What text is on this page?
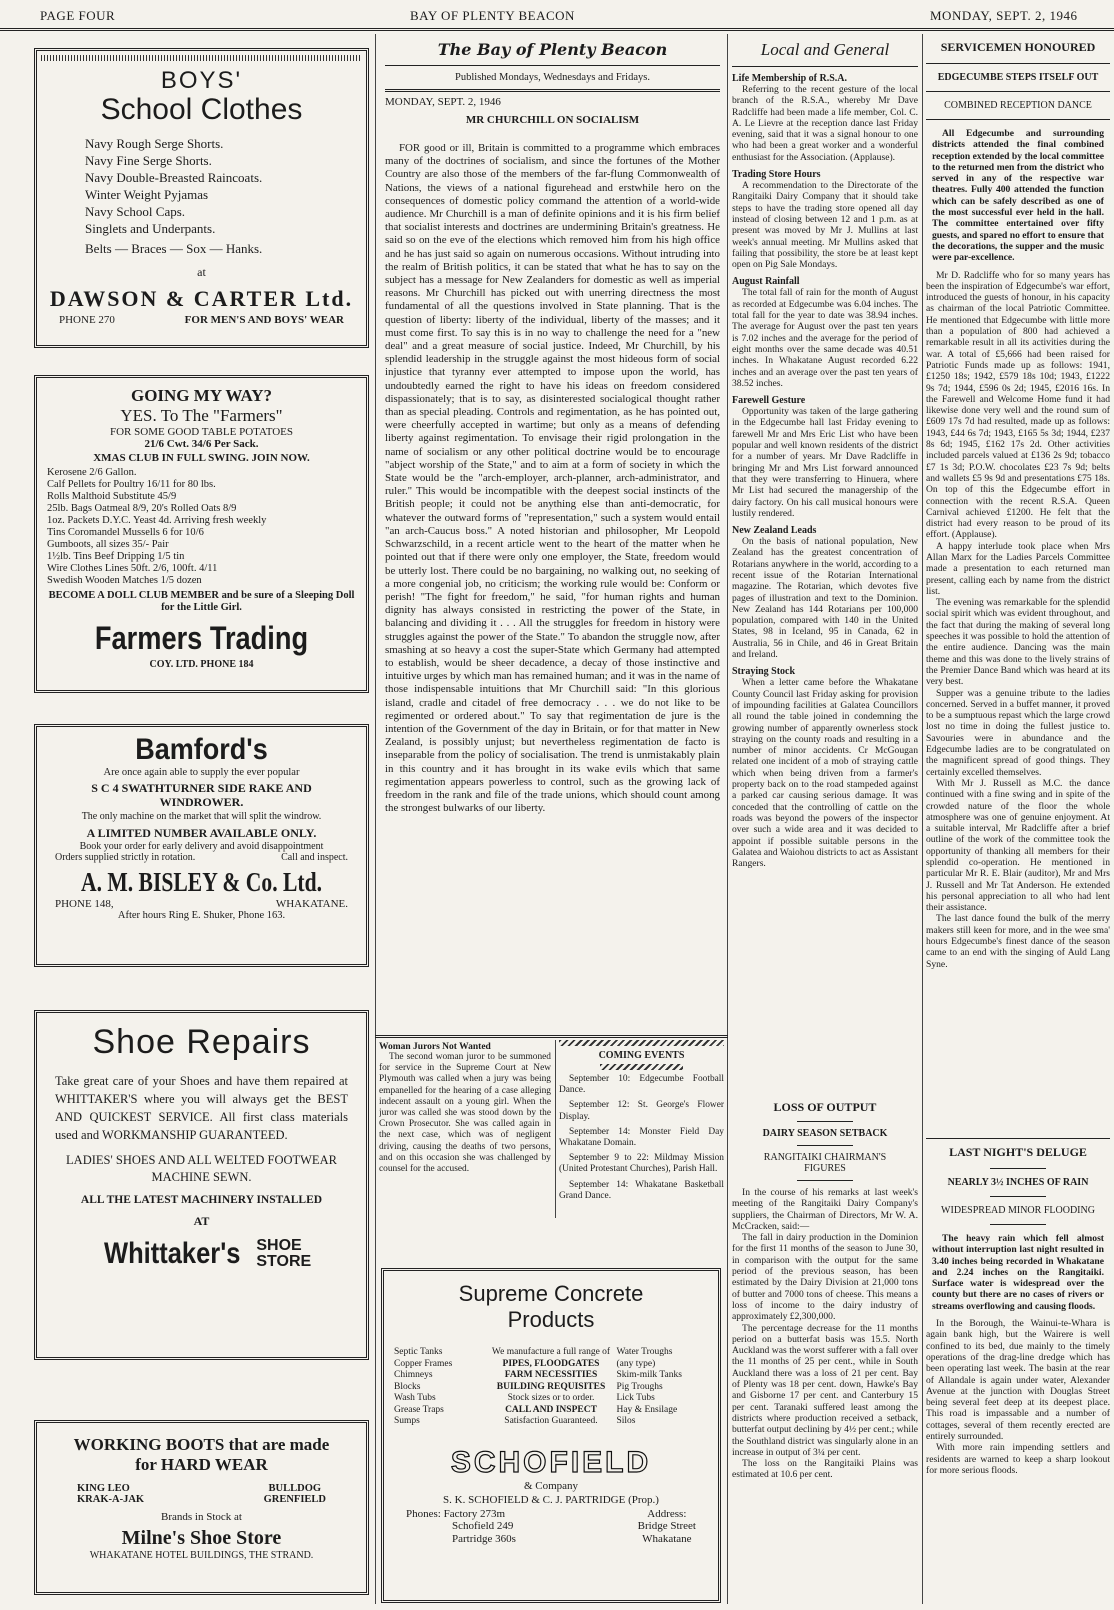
PAGE FOUR	BAY OF PLENTY BEACON	MONDAY, SEPT. 2, 1946
BOYS'
School Clothes
Navy Rough Serge Shorts.
Navy Fine Serge Shorts.
Navy Double-Breasted Raincoats.
Winter Weight Pyjamas
Navy School Caps.
Singlets and Underpants.
Belts — Braces — Sox — Hanks.
at
DAWSON & CARTER Ltd.
PHONE 270	FOR MEN'S AND BOYS' WEAR
GOING MY WAY?
YES. To The "Farmers"
FOR SOME GOOD TABLE POTATOES
21/6 Cwt. 34/6 Per Sack.
XMAS CLUB IN FULL SWING. JOIN NOW.
Kerosene 2/6 Gallon.
Calf Pellets for Poultry 16/11 for 80 lbs.
Rolls Malthoid Substitute 45/9
25lb. Bags Oatmeal 8/9, 20's Rolled Oats 8/9
1oz. Packets D.Y.C. Yeast 4d. Arriving fresh weekly
Tins Coromandel Mussells 6 for 10/6
Gumboots, all sizes 35/- Pair
1½lb. Tins Beef Dripping 1/5 tin
Wire Clothes Lines 50ft. 2/6, 100ft. 4/11
Swedish Wooden Matches 1/5 dozen
BECOME A DOLL CLUB MEMBER and be sure of a Sleeping Doll for the Little Girl.
Farmers Trading
COY. LTD. PHONE 184
Bamford's
Are once again able to supply the ever popular
S C 4 SWATHTURNER SIDE RAKE AND WINDROWER.
The only machine on the market that will split the windrow.
A LIMITED NUMBER AVAILABLE ONLY.
Book your order for early delivery and avoid disappointment
Orders supplied strictly in rotation.	Call and inspect.
A. M. BISLEY & Co. Ltd.
PHONE 148,	WHAKATANE.
After hours Ring E. Shuker, Phone 163.
Shoe Repairs
Take great care of your Shoes and have them repaired at WHITTAKER'S where you will always get the BEST AND QUICKEST SERVICE. All first class materials used and WORKMANSHIP GUARANTEED.
LADIES' SHOES AND ALL WELTED FOOTWEAR MACHINE SEWN.
ALL THE LATEST MACHINERY INSTALLED
AT
Whittaker's SHOE
STORE
WORKING BOOTS that are made
for HARD WEAR
KING LEO
KRAK-A-JAK
BULLDOG
GRENFIELD
Brands in Stock at
Milne's Shoe Store
WHAKATANE HOTEL BUILDINGS, THE STRAND.
The Bay of Plenty Beacon
Published Mondays, Wednesdays and Fridays.
MONDAY, SEPT. 2, 1946
MR CHURCHILL ON SOCIALISM

FOR good or ill, Britain is committed to a programme which embraces many of the doctrines of socialism, and since the fortunes of the Mother Country are also those of the members of the far-flung Commonwealth of Nations, the views of a national figurehead and erstwhile hero on the consequences of domestic policy command the attention of a world-wide audience. Mr Churchill is a man of definite opinions and it is his firm belief that socialist interests and doctrines are undermining Britain's greatness. He said so on the eve of the elections which removed him from his high office and he has just said so again on numerous occasions. Without intruding into the realm of British politics, it can be stated that what he has to say on the subject has a message for New Zealanders for domestic as well as imperial reasons. Mr Churchill has picked out with unerring directness the most fundamental of all the questions involved in State planning. That is the question of liberty: liberty of the individual, liberty of the masses; and it must come first. To say this is in no way to challenge the need for a "new deal" and a great measure of social justice. Indeed, Mr Churchill, by his splendid leadership in the struggle against the most hideous form of social injustice that tyranny ever attempted to impose upon the world, has undoubtedly earned the right to have his ideas on freedom considered dispassionately; that is to say, as disinterested socialogical thought rather than as special pleading. Controls and regimentation, as he has pointed out, were cheerfully accepted in wartime; but only as a means of defending liberty against regimentation. To envisage their rigid prolongation in the name of socialism or any other political doctrine would be to encourage "abject worship of the State," and to aim at a form of society in which the State would be the "arch-employer, arch-planner, arch-administrator, and ruler." This would be incompatible with the deepest social instincts of the British people; it could not be anything else than anti-democratic, for whatever the outward forms of "representation," such a system would entail "an arch-Caucus boss." A noted historian and philosopher, Mr Leopold Schwarzschild, in a recent article went to the heart of the matter when he pointed out that if there were only one employer, the State, freedom would be utterly lost. There could be no bargaining, no walking out, no seeking of a more congenial job, no criticism; the working rule would be: Conform or perish! "The fight for freedom," he said, "for human rights and human dignity has always consisted in restricting the power of the State, in balancing and dividing it . . . All the struggles for freedom in history were struggles against the power of the State." To abandon the struggle now, after smashing at so heavy a cost the super-State which Germany had attempted to establish, would be sheer decadence, a decay of those instinctive and intuitive urges by which man has remained human; and it was in the name of those indispensable intuitions that Mr Churchill said: "In this glorious island, cradle and citadel of free democracy . . . we do not like to be regimented or ordered about." To say that regimentation de jure is the intention of the Government of the day in Britain, or for that matter in New Zealand, is possibly unjust; but nevertheless regimentation de facto is inseparable from the policy of socialisation. The trend is unmistakably plain in this country and it has brought in its wake evils which that same regimentation appears powerless to control, such as the growing lack of freedom in the rank and file of the trade unions, which should count among the strongest bulwarks of our liberty.

Woman Jurors Not Wanted

The second woman juror to be summoned for service in the Supreme Court at New Plymouth was called when a jury was being empanelled for the hearing of a case alleging indecent assault on a young girl. When the juror was called she was stood down by the Crown Prosecutor. She was called again in the next case, which was of negligent driving, causing the deaths of two persons, and on this occasion she was challenged by counsel for the accused.

COMING EVENTS

September 10: Edgecumbe Football Dance.

September 12: St. George's Flower Display.

September 14: Monster Field Day Whakatane Domain.

September 9 to 22: Mildmay Mission (United Protestant Churches), Parish Hall.

September 14: Whakatane Basketball Grand Dance.

Supreme Concrete
Products
Septic Tanks
Copper Frames
Chimneys
Blocks
Wash Tubs
Grease Traps
Sumps
We manufacture a full range of
PIPES, FLOODGATES
FARM NECESSITIES
BUILDING REQUISITES
Stock sizes or to order.
CALL AND INSPECT
Satisfaction Guaranteed.
Water Troughs
(any type)
Skim-milk Tanks
Pig Troughs
Lick Tubs
Hay & Ensilage
Silos
SCHOFIELD
& Company
S. K. SCHOFIELD & C. J. PARTRIDGE (Prop.)
Phones: Factory 273m
Schofield 249
Partridge 360s
Address:
Bridge Street
Whakatane
Local and General
Life Membership of R.S.A.

Referring to the recent gesture of the local branch of the R.S.A., whereby Mr Dave Radcliffe had been made a life member, Col. C. A. Le Lievre at the reception dance last Friday evening, said that it was a signal honour to one who had been a great worker and a wonderful enthusiast for the Association. (Applause).

Trading Store Hours

A recommendation to the Directorate of the Rangitaiki Dairy Company that it should take steps to have the trading store opened all day instead of closing between 12 and 1 p.m. as at present was moved by Mr J. Mullins at last week's annual meeting. Mr Mullins asked that failing that possibility, the store be at least kept open on Pig Sale Mondays.

August Rainfall

The total fall of rain for the month of August as recorded at Edgecumbe was 6.04 inches. The total fall for the year to date was 38.94 inches. The average for August over the past ten years is 7.02 inches and the average for the period of eight months over the same decade was 40.51 inches. In Whakatane August recorded 6.22 inches and an average over the past ten years of 38.52 inches.

Farewell Gesture

Opportunity was taken of the large gathering in the Edgecumbe hall last Friday evening to farewell Mr and Mrs Eric List who have been popular and well known residents of the district for a number of years. Mr Dave Radcliffe in bringing Mr and Mrs List forward announced that they were transferring to Hinuera, where Mr List had secured the managership of the dairy factory. On his call musical honours were lustily rendered.

New Zealand Leads

On the basis of national population, New Zealand has the greatest concentration of Rotarians anywhere in the world, according to a recent issue of the Rotarian International magazine. The Rotarian, which devotes five pages of illustration and text to the Dominion. New Zealand has 144 Rotarians per 100,000 population, compared with 140 in the United States, 98 in Iceland, 95 in Canada, 62 in Australia, 56 in Chile, and 46 in Great Britain and Ireland.

Straying Stock

When a letter came before the Whakatane County Council last Friday asking for provision of impounding facilities at Galatea Councillors all round the table joined in condemning the growing number of apparently ownerless stock straying on the county roads and resulting in a number of minor accidents. Cr McGougan related one incident of a mob of straying cattle which when being driven from a farmer's property back on to the road stampeded against a parked car causing serious damage. It was conceded that the controlling of cattle on the roads was beyond the powers of the inspector over such a wide area and it was decided to appoint if possible suitable persons in the Galatea and Waiohou districts to act as Assistant Rangers.

LOSS OF OUTPUT
DAIRY SEASON SETBACK
RANGITAIKI CHAIRMAN'S FIGURES

In the course of his remarks at last week's meeting of the Rangitaiki Dairy Company's suppliers, the Chairman of Directors, Mr W. A. McCracken, said:—

The fall in dairy production in the Dominion for the first 11 months of the season to June 30, in comparison with the output for the same period of the previous season, has been estimated by the Dairy Division at 21,000 tons of butter and 7000 tons of cheese. This means a loss of income to the dairy industry of approximately £2,300,000.

The percentage decrease for the 11 months period on a butterfat basis was 15.5. North Auckland was the worst sufferer with a fall over the 11 months of 25 per cent., while in South Auckland there was a loss of 21 per cent. Bay of Plenty was 18 per cent. down, Hawke's Bay and Gisborne 17 per cent. and Canterbury 15 per cent. Taranaki suffered least among the districts where production received a setback, butterfat output declining by 4½ per cent.; while the Southland district was singularly alone in an increase in output of 3¼ per cent.

The loss on the Rangitaiki Plains was estimated at 10.6 per cent.

SERVICEMEN HONOURED
EDGECUMBE STEPS ITSELF OUT
COMBINED RECEPTION DANCE

All Edgecumbe and surrounding districts attended the final combined reception extended by the local committee to the returned men from the district who served in any of the respective war theatres. Fully 400 attended the function which can be safely described as one of the most successful ever held in the hall. The committee entertained over fifty guests, and spared no effort to ensure that the decorations, the supper and the music were par-excellence.

Mr D. Radcliffe who for so many years has been the inspiration of Edgecumbe's war effort, introduced the guests of honour, in his capacity as chairman of the local Patriotic Committee. He mentioned that Edgecumbe with little more than a population of 800 had achieved a remarkable result in all its activities during the war. A total of £5,666 had been raised for Patriotic Funds made up as follows: 1941, £1250 18s; 1942, £579 18s 10d; 1943, £1222 9s 7d; 1944, £596 0s 2d; 1945, £2016 16s. In the Farewell and Welcome Home fund it had likewise done very well and the round sum of £609 17s 7d had resulted, made up as follows: 1943, £44 6s 7d; 1943, £165 5s 3d; 1944, £237 8s 6d; 1945, £162 17s 2d. Other activities included parcels valued at £136 2s 9d; tobacco £7 1s 3d; P.O.W. chocolates £23 7s 9d; belts and wallets £5 9s 9d and presentations £75 18s. On top of this the Edgecumbe effort in connection with the recent R.S.A. Queen Carnival achieved £1200. He felt that the district had every reason to be proud of its effort. (Applause).

A happy interlude took place when Mrs Allan Marx for the Ladies Parcels Committee made a presentation to each returned man present, calling each by name from the district list.

The evening was remarkable for the splendid social spirit which was evident throughout, and the fact that during the making of several long speeches it was possible to hold the attention of the entire audience. Dancing was the main theme and this was done to the lively strains of the Premier Dance Band which was heard at its very best.

Supper was a genuine tribute to the ladies concerned. Served in a buffet manner, it proved to be a sumptuous repast which the large crowd lost no time in doing the fullest justice to. Savouries were in abundance and the Edgecumbe ladies are to be congratulated on the magnificent spread of good things. They certainly excelled themselves.

With Mr J. Russell as M.C. the dance continued with a fine swing and in spite of the crowded nature of the floor the whole atmosphere was one of genuine enjoyment. At a suitable interval, Mr Radcliffe after a brief outline of the work of the committee took the opportunity of thanking all members for their splendid co-operation. He mentioned in particular Mr R. E. Blair (auditor), Mr and Mrs J. Russell and Mr Tat Anderson. He extended his personal appreciation to all who had lent their assistance.

The last dance found the bulk of the merry makers still keen for more, and in the wee sma' hours Edgecumbe's finest dance of the season came to an end with the singing of Auld Lang Syne.

LAST NIGHT'S DELUGE
NEARLY 3½ INCHES OF RAIN
WIDESPREAD MINOR FLOODING

The heavy rain which fell almost without interruption last night resulted in 3.40 inches being recorded in Whakatane and 2.24 inches on the Rangitaiki. Surface water is widespread over the county but there are no cases of rivers or streams overflowing and causing floods.

In the Borough, the Wainui-te-Whara is again bank high, but the Wairere is well confined to its bed, due mainly to the timely operations of the drag-line dredge which has been operating last week. The basin at the rear of Allandale is again under water, Alexander Avenue at the junction with Douglas Street being several feet deep at its deepest place. This road is impassable and a number of cottages, several of them recently erected are entirely surrounded.

With more rain impending settlers and residents are warned to keep a sharp lookout for more serious floods.
